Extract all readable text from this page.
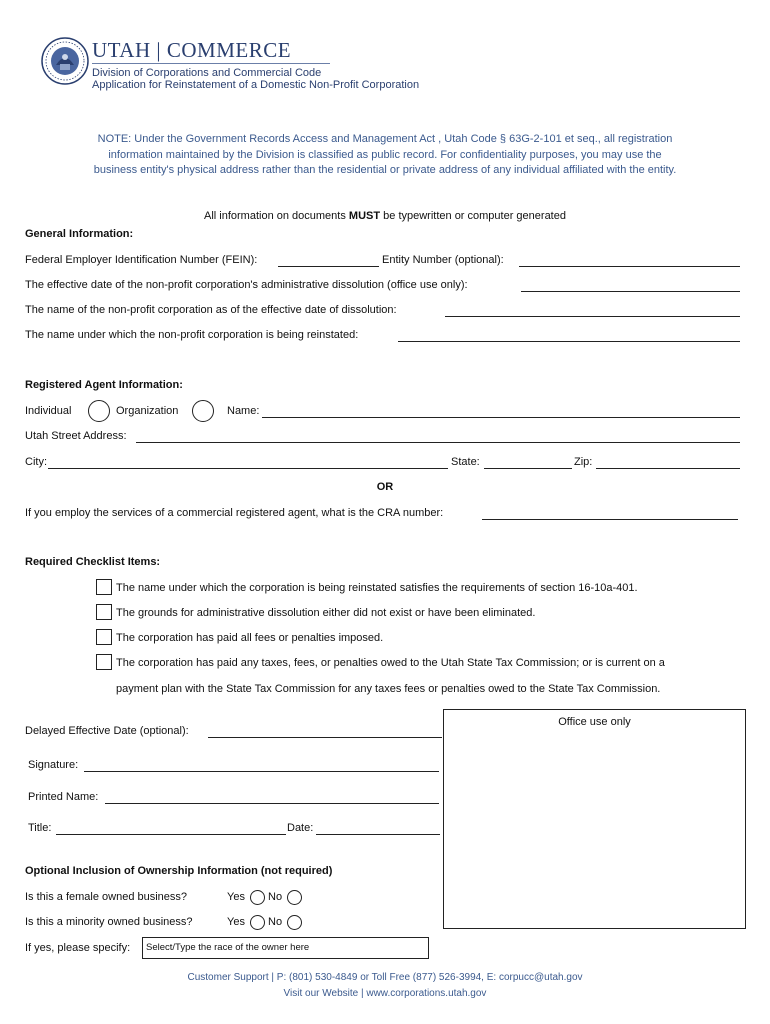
UTAH | COMMERCE
Division of Corporations and Commercial Code
Application for Reinstatement of a Domestic Non-Profit Corporation
NOTE: Under the Government Records Access and Management Act , Utah Code § 63G-2-101 et seq., all registration information maintained by the Division is classified as public record. For confidentiality purposes, you may use the business entity's physical address rather than the residential or private address of any individual affiliated with the entity.
All information on documents MUST be typewritten or computer generated
General Information:
Federal Employer Identification Number (FEIN):	Entity Number (optional):
The effective date of the non-profit corporation's administrative dissolution (office use only):
The name of the non-profit corporation as of the effective date of dissolution:
The name under which the non-profit corporation is being reinstated:
Registered Agent Information:
Individual	Organization	Name:
Utah Street Address:
City:	State:	Zip:
OR
If you employ the services of a commercial registered agent, what is the CRA number:
Required Checklist Items:
The name under which the corporation is being reinstated satisfies the requirements of section 16-10a-401.
The grounds for administrative dissolution either did not exist or have been eliminated.
The corporation has paid all fees or penalties imposed.
The corporation has paid any taxes, fees, or penalties owed to the Utah State Tax Commission; or is current on a
payment plan with the State Tax Commission for any taxes fees or penalties owed to the State Tax Commission.
Delayed Effective Date (optional):
Signature:
Printed Name:
Title:	Date:
Office use only
Optional Inclusion of Ownership Information (not required)
Is this a female owned business?	Yes No
Is this a minority owned business?	Yes No
If yes, please specify:	Select/Type the race of the owner here
Customer Support | P: (801) 530-4849 or Toll Free (877) 526-3994, E: corpucc@utah.gov
Visit our Website | www.corporations.utah.gov
